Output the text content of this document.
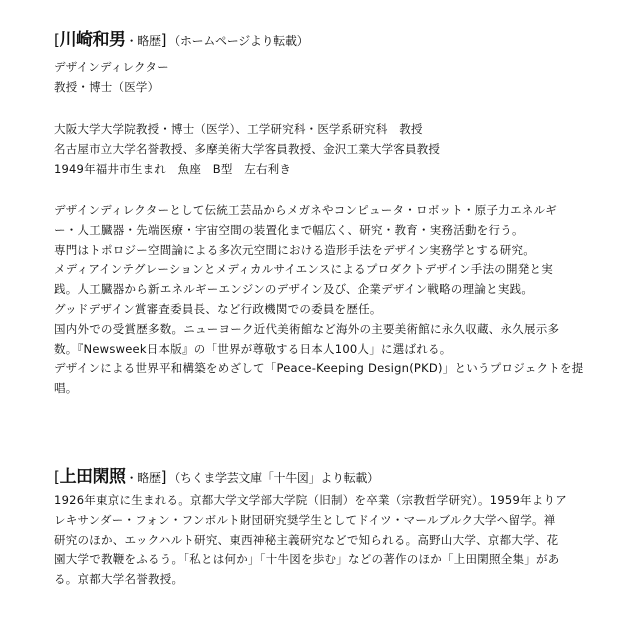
[川崎和男・略歴] （ホームページより転載）
デザインディレクター
教授・博士（医学）
大阪大学大学院教授・博士（医学）、工学研究科・医学系研究科　教授
名古屋市立大学名誉教授、多摩美術大学客員教授、金沢工業大学客員教授
1949年福井市生まれ　魚座　B型　左右利き
デザインディレクターとして伝統工芸品からメガネやコンピュータ・ロボット・原子力エネルギ
ー・人工臓器・先端医療・宇宙空間の装置化まで幅広く、研究・教育・実務活動を行う。
専門はトポロジー空間論による多次元空間における造形手法をデザイン実務学とする研究。
メディアインテグレーションとメディカルサイエンスによるプロダクトデザイン手法の開発と実
践。人工臓器から新エネルギーエンジンのデザイン及び、企業デザイン戦略の理論と実践。
グッドデザイン賞審査委員長、など行政機関での委員を歴任。
国内外での受賞歴多数。ニューヨーク近代美術館など海外の主要美術館に永久収蔵、永久展示多
数。『Newsweek日本版』の「世界が尊敬する日本人100人」に選ばれる。
デザインによる世界平和構築をめざして「Peace-Keeping Design(PKD)」というプロジェクトを提
唱。
[上田閑照・略歴] （ちくま学芸文庫「十牛図」より転載）
1926年東京に生まれる。京都大学文学部大学院（旧制）を卒業（宗教哲学研究）。1959年よりア
レキサンダー・フォン・フンボルト財団研究奨学生としてドイツ・マールブルク大学へ留学。禅
研究のほか、エックハルト研究、東西神秘主義研究などで知られる。高野山大学、京都大学、花
園大学で教鞭をふるう。「私とは何か」「十牛図を歩む」などの著作のほか「上田閑照全集」があ
る。京都大学名誉教授。
